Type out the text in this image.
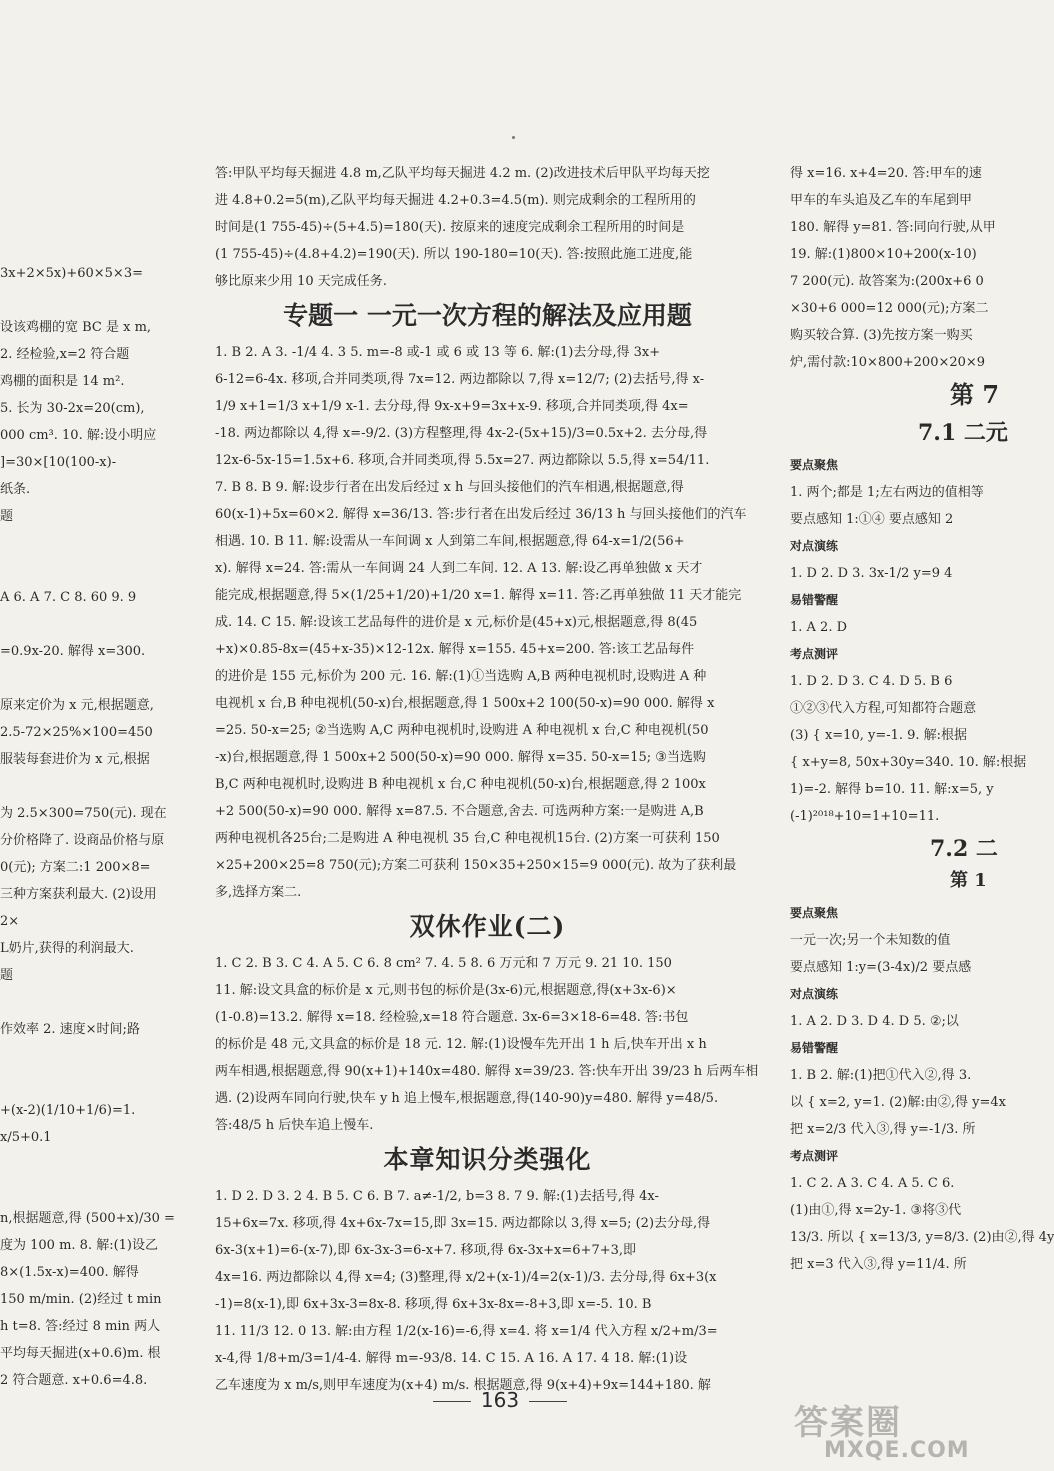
3x+2×5x)+60×5×3=

设该鸡棚的宽 BC 是 x m,

2. 经检验,x=2 符合题

鸡棚的面积是 14 m².

5. 长为 30-2x=20(cm),

000 cm³. 10. 解:设小明应

]=30×[10(100-x)-

纸条.

题

A 6. A 7. C 8. 60 9. 9

=0.9x-20. 解得 x=300.

原来定价为 x 元,根据题意,

2.5-72×25%×100=450

服装每套进价为 x 元,根据

为 2.5×300=750(元). 现在

分价格降了. 设商品价格与原

0(元); 方案二:1 200×8=

三种方案获利最大. (2)设用

2×

L奶片,获得的利润最大.

题

作效率 2. 速度×时间;路

+(x-2)(1/10+1/6)=1.

x/5+0.1

n,根据题意,得 (500+x)/30 =

度为 100 m. 8. 解:(1)设乙

8×(1.5x-x)=400. 解得

150 m/min. (2)经过 t min

h t=8. 答:经过 8 min 两人

平均每天掘进(x+0.6)m. 根

2 符合题意. x+0.6=4.8.

答:甲队平均每天掘进 4.8 m,乙队平均每天掘进 4.2 m. (2)改进技术后甲队平均每天挖

进 4.8+0.2=5(m),乙队平均每天掘进 4.2+0.3=4.5(m). 则完成剩余的工程所用的

时间是(1 755-45)÷(5+4.5)=180(天). 按原来的速度完成剩余工程所用的时间是

(1 755-45)÷(4.8+4.2)=190(天). 所以 190-180=10(天). 答:按照此施工进度,能

够比原来少用 10 天完成任务.

专题一 一元一次方程的解法及应用题

1. B 2. A 3. -1/4 4. 3 5. m=-8 或-1 或 6 或 13 等 6. 解:(1)去分母,得 3x+

6-12=6-4x. 移项,合并同类项,得 7x=12. 两边都除以 7,得 x=12/7; (2)去括号,得 x-

1/9 x+1=1/3 x+1/9 x-1. 去分母,得 9x-x+9=3x+x-9. 移项,合并同类项,得 4x=

-18. 两边都除以 4,得 x=-9/2. (3)方程整理,得 4x-2-(5x+15)/3=0.5x+2. 去分母,得

12x-6-5x-15=1.5x+6. 移项,合并同类项,得 5.5x=27. 两边都除以 5.5,得 x=54/11.

7. B 8. B 9. 解:设步行者在出发后经过 x h 与回头接他们的汽车相遇,根据题意,得

60(x-1)+5x=60×2. 解得 x=36/13. 答:步行者在出发后经过 36/13 h 与回头接他们的汽车

相遇. 10. B 11. 解:设需从一车间调 x 人到第二车间,根据题意,得 64-x=1/2(56+

x). 解得 x=24. 答:需从一车间调 24 人到二车间. 12. A 13. 解:设乙再单独做 x 天才

能完成,根据题意,得 5×(1/25+1/20)+1/20 x=1. 解得 x=11. 答:乙再单独做 11 天才能完

成. 14. C 15. 解:设该工艺品每件的进价是 x 元,标价是(45+x)元,根据题意,得 8(45

+x)×0.85-8x=(45+x-35)×12-12x. 解得 x=155. 45+x=200. 答:该工艺品每件

的进价是 155 元,标价为 200 元. 16. 解:(1)①当选购 A,B 两种电视机时,设购进 A 种

电视机 x 台,B 种电视机(50-x)台,根据题意,得 1 500x+2 100(50-x)=90 000. 解得 x

=25. 50-x=25; ②当选购 A,C 两种电视机时,设购进 A 种电视机 x 台,C 种电视机(50

-x)台,根据题意,得 1 500x+2 500(50-x)=90 000. 解得 x=35. 50-x=15; ③当选购

B,C 两种电视机时,设购进 B 种电视机 x 台,C 种电视机(50-x)台,根据题意,得 2 100x

+2 500(50-x)=90 000. 解得 x=87.5. 不合题意,舍去. 可选两种方案:一是购进 A,B

两种电视机各25台;二是购进 A 种电视机 35 台,C 种电视机15台. (2)方案一可获利 150

×25+200×25=8 750(元);方案二可获利 150×35+250×15=9 000(元). 故为了获利最

多,选择方案二.

双休作业(二)

1. C 2. B 3. C 4. A 5. C 6. 8 cm² 7. 4. 5 8. 6 万元和 7 万元 9. 21 10. 150

11. 解:设文具盒的标价是 x 元,则书包的标价是(3x-6)元,根据题意,得(x+3x-6)×

(1-0.8)=13.2. 解得 x=18. 经检验,x=18 符合题意. 3x-6=3×18-6=48. 答:书包

的标价是 48 元,文具盒的标价是 18 元. 12. 解:(1)设慢车先开出 1 h 后,快车开出 x h

两车相遇,根据题意,得 90(x+1)+140x=480. 解得 x=39/23. 答:快车开出 39/23 h 后两车相

遇. (2)设两车同向行驶,快车 y h 追上慢车,根据题意,得(140-90)y=480. 解得 y=48/5.

答:48/5 h 后快车追上慢车.

本章知识分类强化

1. D 2. D 3. 2 4. B 5. C 6. B 7. a≠-1/2, b=3 8. 7 9. 解:(1)去括号,得 4x-

15+6x=7x. 移项,得 4x+6x-7x=15,即 3x=15. 两边都除以 3,得 x=5; (2)去分母,得

6x-3(x+1)=6-(x-7),即 6x-3x-3=6-x+7. 移项,得 6x-3x+x=6+7+3,即

4x=16. 两边都除以 4,得 x=4; (3)整理,得 x/2+(x-1)/4=2(x-1)/3. 去分母,得 6x+3(x

-1)=8(x-1),即 6x+3x-3=8x-8. 移项,得 6x+3x-8x=-8+3,即 x=-5. 10. B

11. 11/3 12. 0 13. 解:由方程 1/2(x-16)=-6,得 x=4. 将 x=1/4 代入方程 x/2+m/3=

x-4,得 1/8+m/3=1/4-4. 解得 m=-93/8. 14. C 15. A 16. A 17. 4 18. 解:(1)设

乙车速度为 x m/s,则甲车速度为(x+4) m/s. 根据题意,得 9(x+4)+9x=144+180. 解

得 x=16. x+4=20. 答:甲车的速

甲车的车头追及乙车的车尾到甲

180. 解得 y=81. 答:同向行驶,从甲

19. 解:(1)800×10+200(x-10)

7 200(元). 故答案为:(200x+6 0

×30+6 000=12 000(元);方案二

购买较合算. (3)先按方案一购买

炉,需付款:10×800+200×20×9

第 7

7.1 二元

要点聚焦

1. 两个;都是 1;左右两边的值相等

要点感知 1:①④ 要点感知 2

对点演练

1. D 2. D 3. 3x-1/2 y=9 4

易错警醒

1. A 2. D

考点测评

1. D 2. D 3. C 4. D 5. B 6

①②③代入方程,可知都符合题意

(3) { x=10, y=-1. 9. 解:根据

{ x+y=8, 50x+30y=340. 10. 解:根据

1)=-2. 解得 b=10. 11. 解:x=5, y

(-1)²⁰¹⁸+10=1+10=11.

7.2 二

第 1

要点聚焦

一元一次;另一个未知数的值

要点感知 1:y=(3-4x)/2 要点感

对点演练

1. A 2. D 3. D 4. D 5. ②;以

易错警醒

1. B 2. 解:(1)把①代入②,得 3.

以 { x=2, y=1. (2)解:由②,得 y=4x

把 x=2/3 代入③,得 y=-1/3. 所

考点测评

1. C 2. A 3. C 4. A 5. C 6.

(1)由①,得 x=2y-1. ③将③代

13/3. 所以 { x=13/3, y=8/3. (2)由②,得 4y

把 x=3 代入③,得 y=11/4. 所

163
答案圈
MXQE.COM
